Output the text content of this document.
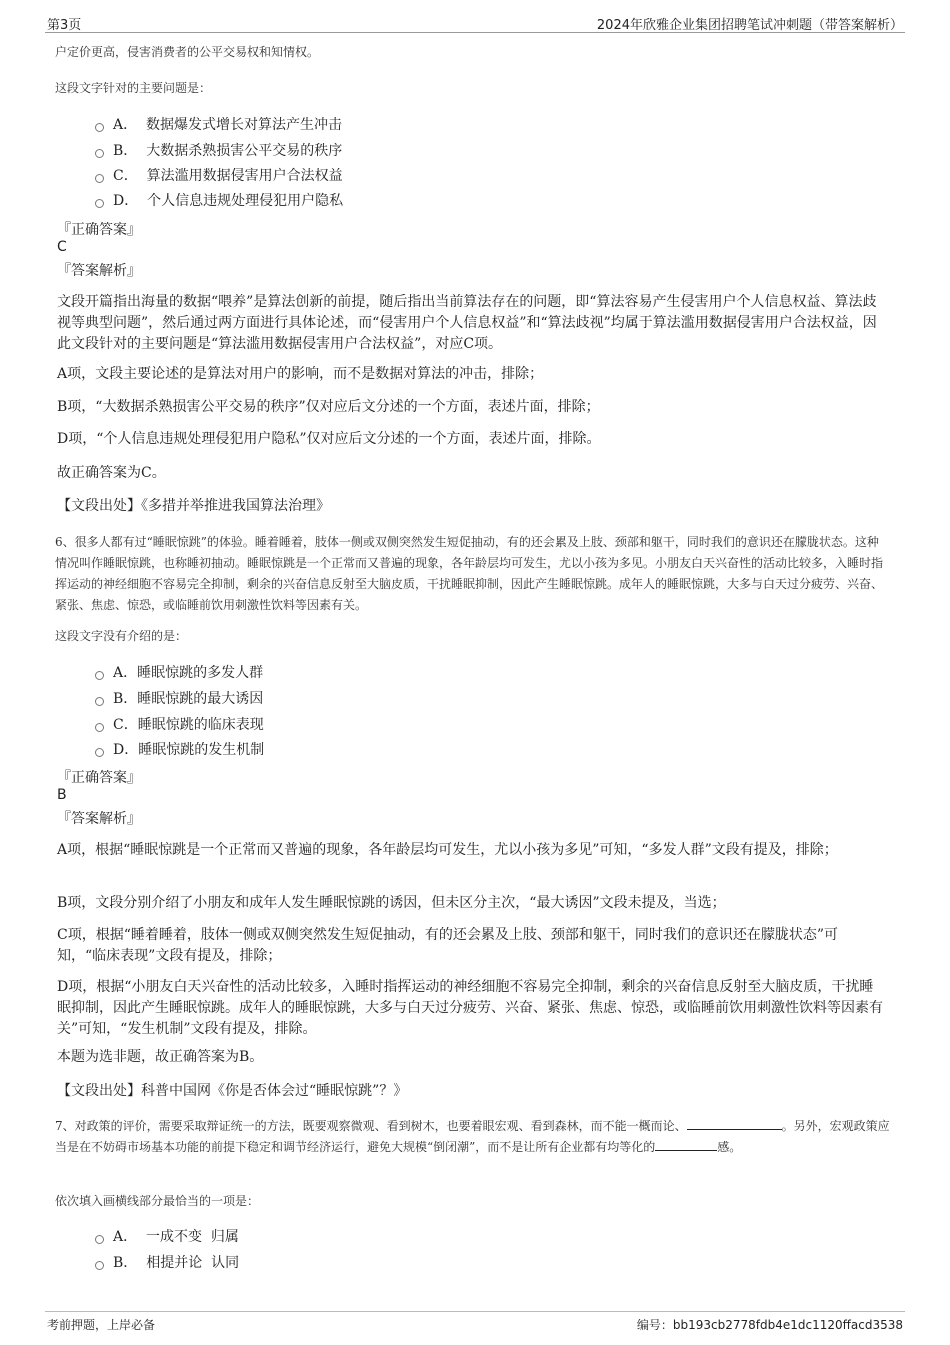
第3页	2024年欣雅企业集团招聘笔试冲刺题（带答案解析）
户定价更高，侵害消费者的公平交易权和知情权。
这段文字针对的主要问题是：
A．  数据爆发式增长对算法产生冲击
B．  大数据杀熟损害公平交易的秩序
C．  算法滥用数据侵害用户合法权益
D．  个人信息违规处理侵犯用户隐私
『正确答案』
C
『答案解析』
文段开篇指出海量的数据“喂养”是算法创新的前提，随后指出当前算法存在的问题，即“算法容易产生侵害用户个人信息权益、算法歧视等典型问题”，然后通过两方面进行具体论述，而“侵害用户个人信息权益”和“算法歧视”均属于算法滥用数据侵害用户合法权益，因此文段针对的主要问题是“算法滥用数据侵害用户合法权益”，对应C项。
A项，文段主要论述的是算法对用户的影响，而不是数据对算法的冲击，排除；
B项，“大数据杀熟损害公平交易的秩序”仅对应后文分述的一个方面，表述片面，排除；
D项，“个人信息违规处理侵犯用户隐私”仅对应后文分述的一个方面，表述片面，排除。
故正确答案为C。
【文段出处】《多措并举推进我国算法治理》
6、很多人都有过“睡眠惊跳”的体验。睡着睡着，肢体一侧或双侧突然发生短促抽动，有的还会累及上肢、颈部和躯干，同时我们的意识还在朦胧状态。这种情况叫作睡眠惊跳，也称睡初抽动。睡眠惊跳是一个正常而又普遍的现象，各年龄层均可发生，尤以小孩为多见。小朋友白天兴奋性的活动比较多，入睡时指挥运动的神经细胞不容易完全抑制，剩余的兴奋信息反射至大脑皮质，干扰睡眠抑制，因此产生睡眠惊跳。成年人的睡眠惊跳，大多与白天过分疲劳、兴奋、紧张、焦虑、惊恐，或临睡前饮用刺激性饮料等因素有关。
这段文字没有介绍的是：
A．睡眠惊跳的多发人群
B．睡眠惊跳的最大诱因
C．睡眠惊跳的临床表现
D．睡眠惊跳的发生机制
『正确答案』
B
『答案解析』
A项，根据“睡眠惊跳是一个正常而又普遍的现象，各年龄层均可发生，尤以小孩为多见”可知，“多发人群”文段有提及，排除；
B项，文段分别介绍了小朋友和成年人发生睡眠惊跳的诱因，但未区分主次，“最大诱因”文段未提及，当选；
C项，根据“睡着睡着，肢体一侧或双侧突然发生短促抽动，有的还会累及上肢、颈部和躯干，同时我们的意识还在朦胧状态”可知，“临床表现”文段有提及，排除；
D项，根据“小朋友白天兴奋性的活动比较多，入睡时指挥运动的神经细胞不容易完全抑制，剩余的兴奋信息反射至大脑皮质，干扰睡眠抑制，因此产生睡眠惊跳。成年人的睡眠惊跳，大多与白天过分疲劳、兴奋、紧张、焦虑、惊恐，或临睡前饮用刺激性饮料等因素有关”可知，“发生机制”文段有提及，排除。
本题为选非题，故正确答案为B。
【文段出处】科普中国网《你是否体会过“睡眠惊跳”？》
7、对政策的评价，需要采取辩证统一的方法，既要观察微观、看到树木，也要着眼宏观、看到森林，而不能一概而论、	。另外，宏观政策应当是在不妨碍市场基本功能的前提下稳定和调节经济运行，避免大规模“倒闭潮”，而不是让所有企业都有均等化的	感。
依次填入画横线部分最恰当的一项是：
A．  一成不变  归属
B．  相提并论  认同
考前押题，上岸必备	编号：bb193cb2778fdb4e1dc1120ffacd3538
